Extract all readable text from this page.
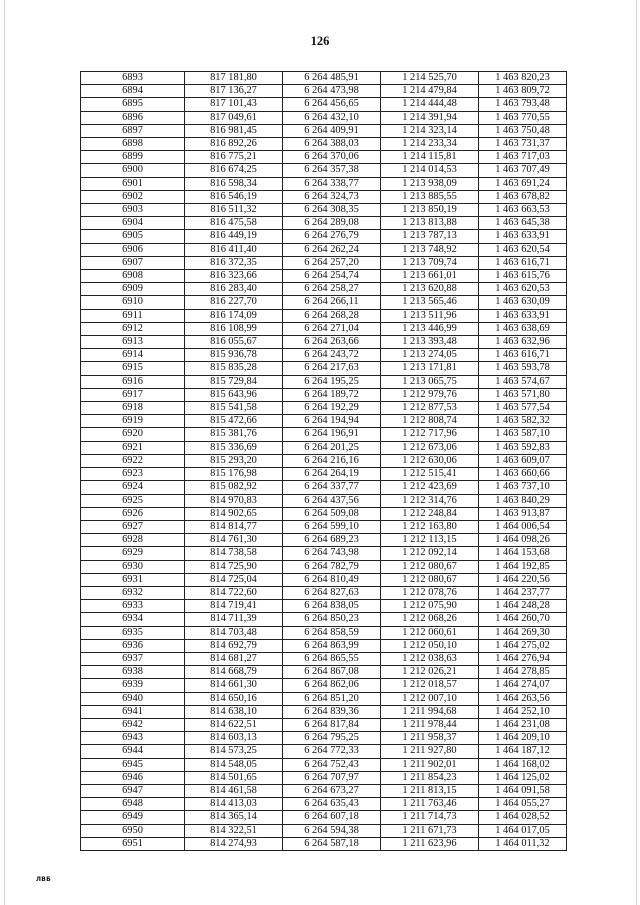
126
6893	817 181,80	6 264 485,91	1 214 525,70	1 463 820,23
6894	817 136,27	6 264 473,98	1 214 479,84	1 463 809,72
6895	817 101,43	6 264 456,65	1 214 444,48	1 463 793,48
6896	817 049,61	6 264 432,10	1 214 391,94	1 463 770,55
6897	816 981,45	6 264 409,91	1 214 323,14	1 463 750,48
6898	816 892,26	6 264 388,03	1 214 233,34	1 463 731,37
6899	816 775,21	6 264 370,06	1 214 115,81	1 463 717,03
6900	816 674,25	6 264 357,38	1 214 014,53	1 463 707,49
6901	816 598,34	6 264 338,77	1 213 938,09	1 463 691,24
6902	816 546,19	6 264 324,73	1 213 885,55	1 463 678,82
6903	816 511,32	6 264 308,35	1 213 850,19	1 463 663,53
6904	816 475,58	6 264 289,08	1 213 813,88	1 463 645,38
6905	816 449,19	6 264 276,79	1 213 787,13	1 463 633,91
6906	816 411,40	6 264 262,24	1 213 748,92	1 463 620,54
6907	816 372,35	6 264 257,20	1 213 709,74	1 463 616,71
6908	816 323,66	6 264 254,74	1 213 661,01	1 463 615,76
6909	816 283,40	6 264 258,27	1 213 620,88	1 463 620,53
6910	816 227,70	6 264 266,11	1 213 565,46	1 463 630,09
6911	816 174,09	6 264 268,28	1 213 511,96	1 463 633,91
6912	816 108,99	6 264 271,04	1 213 446,99	1 463 638,69
6913	816 055,67	6 264 263,66	1 213 393,48	1 463 632,96
6914	815 936,78	6 264 243,72	1 213 274,05	1 463 616,71
6915	815 835,28	6 264 217,63	1 213 171,81	1 463 593,78
6916	815 729,84	6 264 195,25	1 213 065,75	1 463 574,67
6917	815 643,96	6 264 189,72	1 212 979,76	1 463 571,80
6918	815 541,58	6 264 192,29	1 212 877,53	1 463 577,54
6919	815 472,66	6 264 194,94	1 212 808,74	1 463 582,32
6920	815 381,76	6 264 196,91	1 212 717,96	1 463 587,10
6921	815 336,69	6 264 201,25	1 212 673,06	1 463 592,83
6922	815 293,20	6 264 216,16	1 212 630,06	1 463 609,07
6923	815 176,98	6 264 264,19	1 212 515,41	1 463 660,66
6924	815 082,92	6 264 337,77	1 212 423,69	1 463 737,10
6925	814 970,83	6 264 437,56	1 212 314,76	1 463 840,29
6926	814 902,65	6 264 509,08	1 212 248,84	1 463 913,87
6927	814 814,77	6 264 599,10	1 212 163,80	1 464 006,54
6928	814 761,30	6 264 689,23	1 212 113,15	1 464 098,26
6929	814 738,58	6 264 743,98	1 212 092,14	1 464 153,68
6930	814 725,90	6 264 782,79	1 212 080,67	1 464 192,85
6931	814 725,04	6 264 810,49	1 212 080,67	1 464 220,56
6932	814 722,60	6 264 827,63	1 212 078,76	1 464 237,77
6933	814 719,41	6 264 838,05	1 212 075,90	1 464 248,28
6934	814 711,39	6 264 850,23	1 212 068,26	1 464 260,70
6935	814 703,48	6 264 858,59	1 212 060,61	1 464 269,30
6936	814 692,79	6 264 863,99	1 212 050,10	1 464 275,02
6937	814 681,27	6 264 865,55	1 212 038,63	1 464 276,94
6938	814 668,79	6 264 867,08	1 212 026,21	1 464 278,85
6939	814 661,30	6 264 862,06	1 212 018,57	1 464 274,07
6940	814 650,16	6 264 851,20	1 212 007,10	1 464 263,56
6941	814 638,10	6 264 839,36	1 211 994,68	1 464 252,10
6942	814 622,51	6 264 817,84	1 211 978,44	1 464 231,08
6943	814 603,13	6 264 795,25	1 211 958,37	1 464 209,10
6944	814 573,25	6 264 772,33	1 211 927,80	1 464 187,12
6945	814 548,05	6 264 752,43	1 211 902,01	1 464 168,02
6946	814 501,65	6 264 707,97	1 211 854,23	1 464 125,02
6947	814 461,58	6 264 673,27	1 211 813,15	1 464 091,58
6948	814 413,03	6 264 635,43	1 211 763,46	1 464 055,27
6949	814 365,14	6 264 607,18	1 211 714,73	1 464 028,52
6950	814 322,51	6 264 594,38	1 211 671,73	1 464 017,05
6951	814 274,93	6 264 587,18	1 211 623,96	1 464 011,32
ЛВБ
